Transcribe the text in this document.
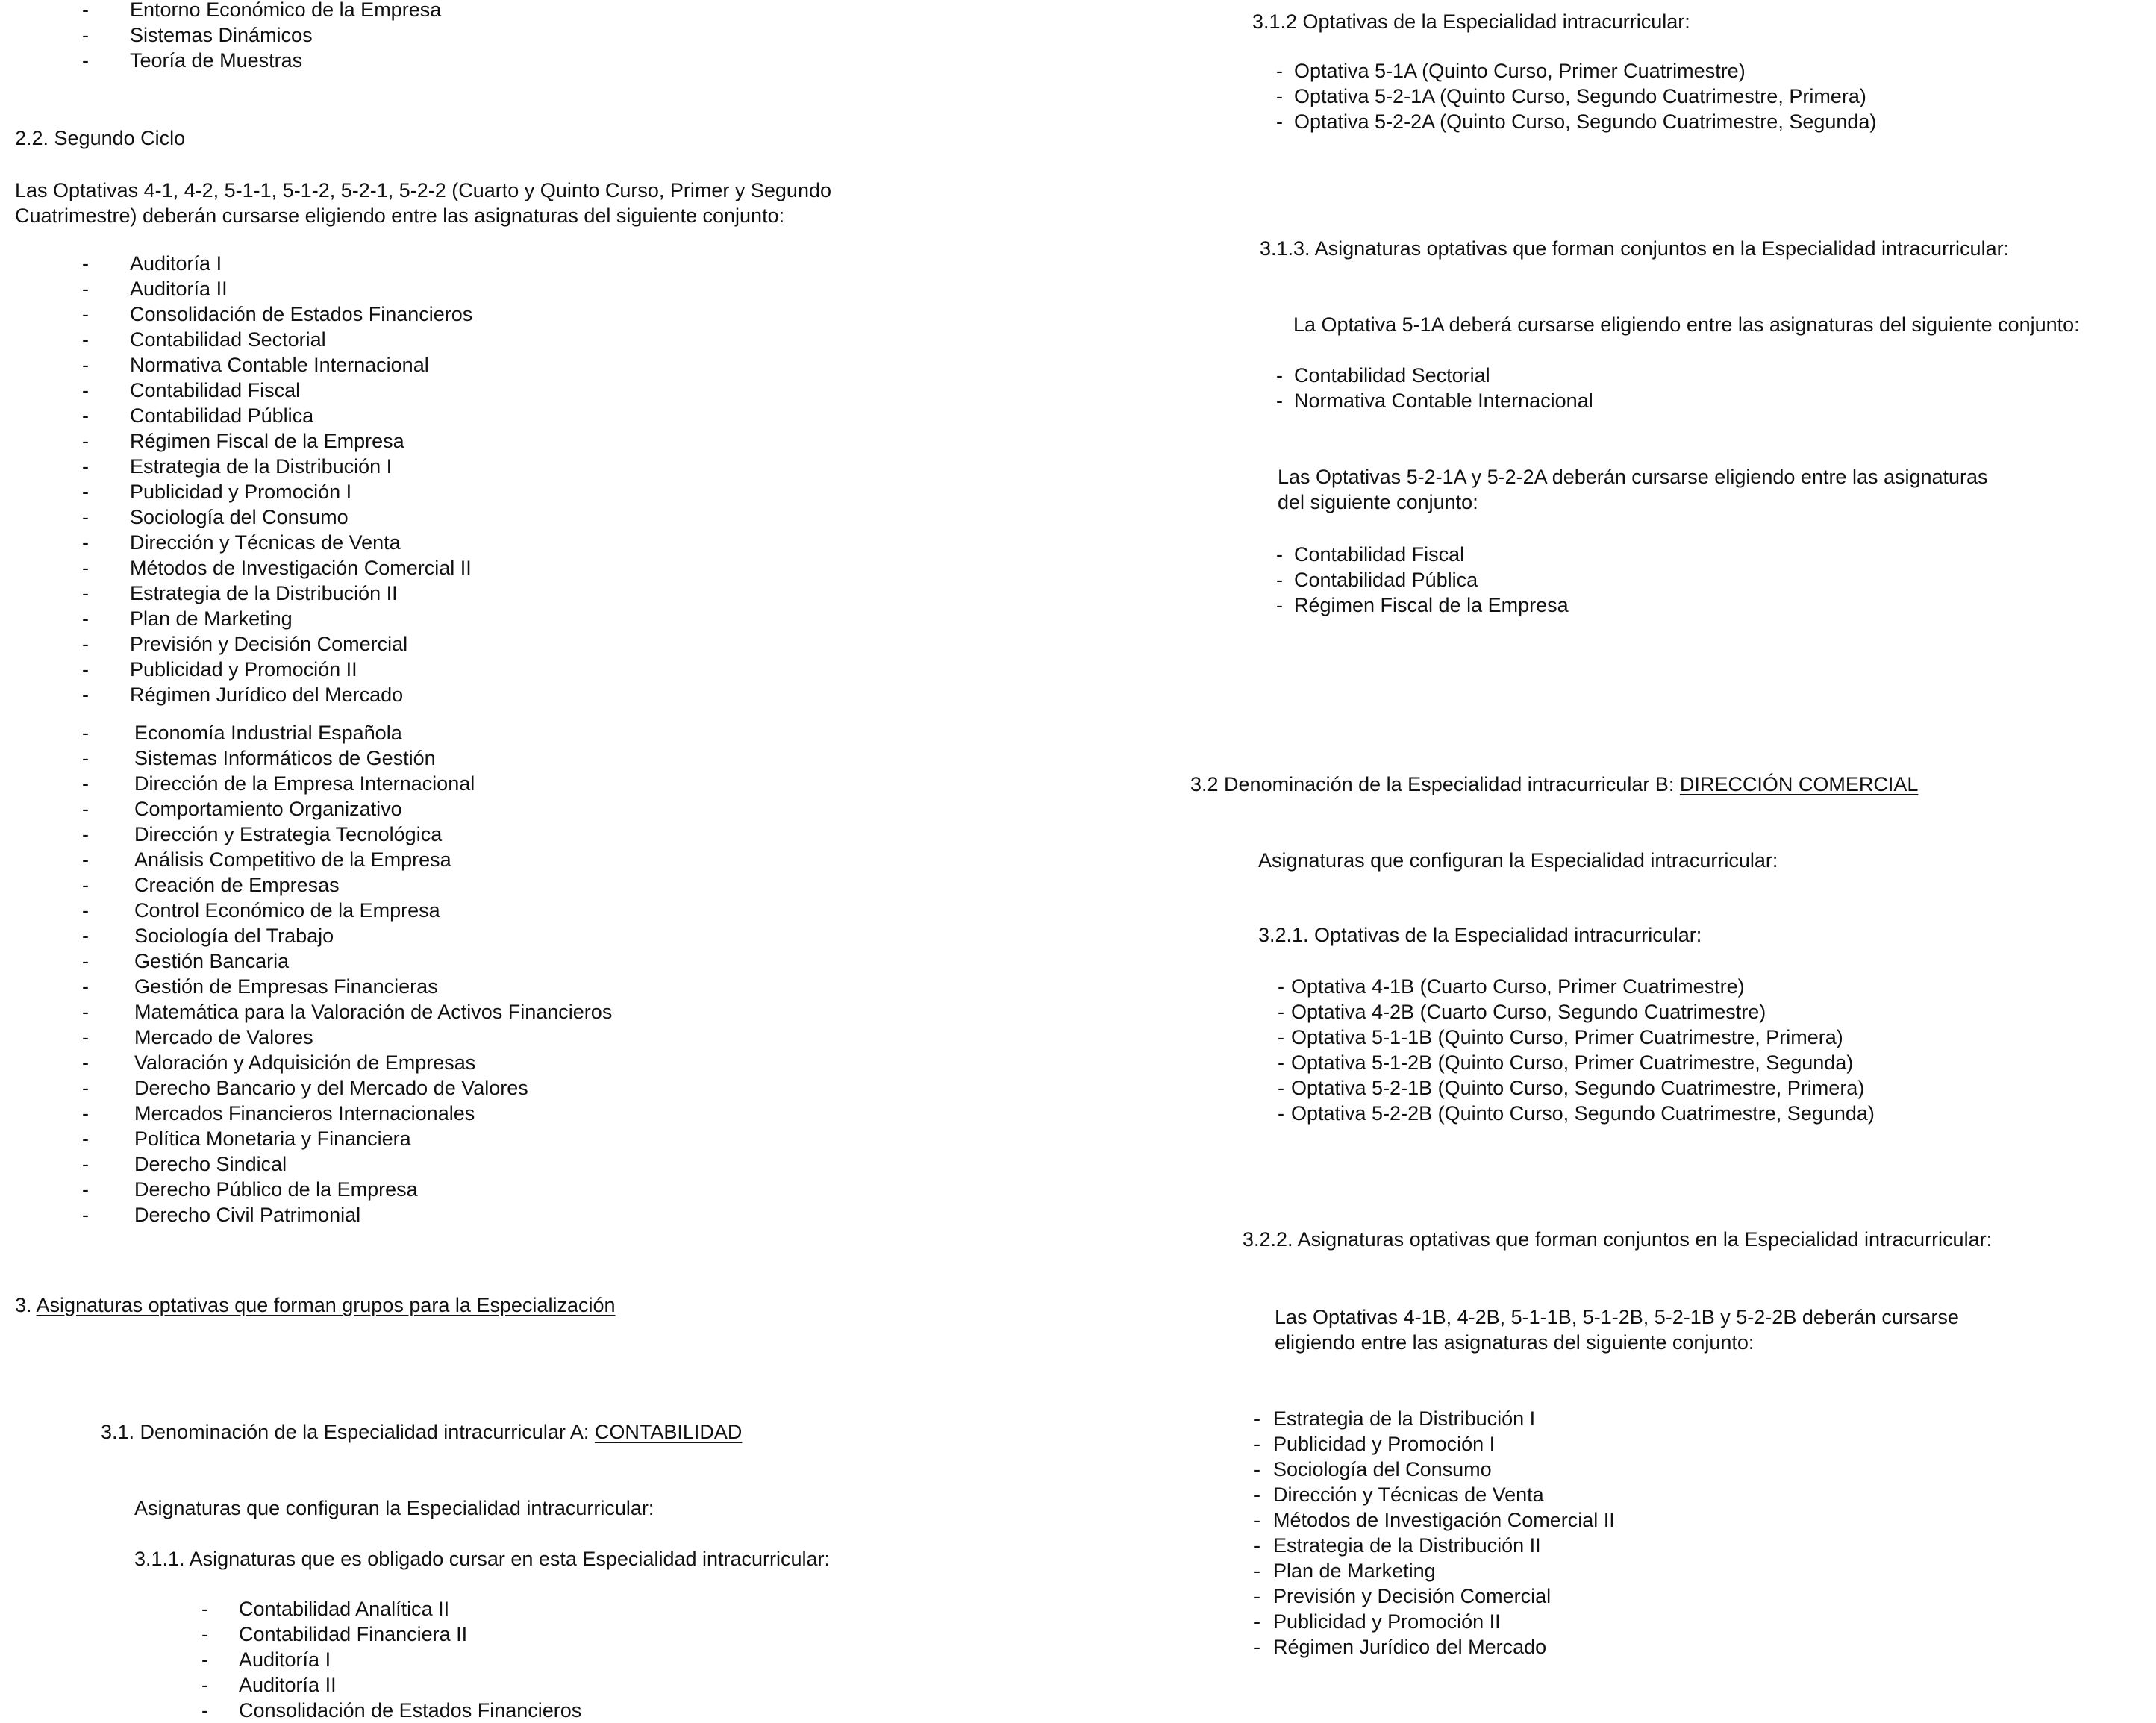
- Entorno Económico de la Empresa
- Sistemas Dinámicos
- Teoría de Muestras
2.2. Segundo Ciclo
Las Optativas 4-1, 4-2, 5-1-1, 5-1-2, 5-2-1, 5-2-2 (Cuarto y Quinto Curso, Primer y Segundo
Cuatrimestre) deberán cursarse eligiendo entre las asignaturas del siguiente conjunto:
- Auditoría I
- Auditoría II
- Consolidación de Estados Financieros
- Contabilidad Sectorial
- Normativa Contable Internacional
- Contabilidad Fiscal
- Contabilidad Pública
- Régimen Fiscal de la Empresa
- Estrategia de la Distribución I
- Publicidad y Promoción I
- Sociología del Consumo
- Dirección y Técnicas de Venta
- Métodos de Investigación Comercial II
- Estrategia de la Distribución II
- Plan de Marketing
- Previsión y Decisión Comercial
- Publicidad y Promoción II
- Régimen Jurídico del Mercado
- Economía Industrial Española
- Sistemas Informáticos de Gestión
- Dirección de la Empresa Internacional
- Comportamiento Organizativo
- Dirección y Estrategia Tecnológica
- Análisis Competitivo de la Empresa
- Creación de Empresas
- Control Económico de la Empresa
- Sociología del Trabajo
- Gestión Bancaria
- Gestión de Empresas Financieras
- Matemática para la Valoración de Activos Financieros
- Mercado de Valores
- Valoración y Adquisición de Empresas
- Derecho Bancario y del Mercado de Valores
- Mercados Financieros Internacionales
- Política Monetaria y Financiera
- Derecho Sindical
- Derecho Público de la Empresa
- Derecho Civil Patrimonial
3. Asignaturas optativas que forman grupos para la Especialización
3.1. Denominación de la Especialidad intracurricular A: CONTABILIDAD
Asignaturas que configuran la Especialidad intracurricular:
3.1.1. Asignaturas que es obligado cursar en esta Especialidad intracurricular:
- Contabilidad Analítica II
- Contabilidad Financiera II
- Auditoría I
- Auditoría II
- Consolidación de Estados Financieros
3.1.2 Optativas de la Especialidad intracurricular:
- Optativa 5-1A (Quinto Curso, Primer Cuatrimestre)
- Optativa 5-2-1A (Quinto Curso, Segundo Cuatrimestre, Primera)
- Optativa 5-2-2A (Quinto Curso, Segundo Cuatrimestre, Segunda)
3.1.3. Asignaturas optativas que forman conjuntos en la Especialidad intracurricular:
La Optativa 5-1A deberá cursarse eligiendo entre las asignaturas del siguiente conjunto:
- Contabilidad Sectorial
- Normativa Contable Internacional
Las Optativas 5-2-1A y 5-2-2A deberán cursarse eligiendo entre las asignaturas
del siguiente conjunto:
- Contabilidad Fiscal
- Contabilidad Pública
- Régimen Fiscal de la Empresa
3.2 Denominación de la Especialidad intracurricular B: DIRECCIÓN COMERCIAL
Asignaturas que configuran la Especialidad intracurricular:
3.2.1. Optativas de la Especialidad intracurricular:
- Optativa 4-1B (Cuarto Curso, Primer Cuatrimestre)
- Optativa 4-2B (Cuarto Curso, Segundo Cuatrimestre)
- Optativa 5-1-1B (Quinto Curso, Primer Cuatrimestre, Primera)
- Optativa 5-1-2B (Quinto Curso, Primer Cuatrimestre, Segunda)
- Optativa 5-2-1B (Quinto Curso, Segundo Cuatrimestre, Primera)
- Optativa 5-2-2B (Quinto Curso, Segundo Cuatrimestre, Segunda)
3.2.2. Asignaturas optativas que forman conjuntos en la Especialidad intracurricular:
Las Optativas 4-1B, 4-2B, 5-1-1B, 5-1-2B, 5-2-1B y 5-2-2B deberán cursarse
eligiendo entre las asignaturas del siguiente conjunto:
- Estrategia de la Distribución I
- Publicidad y Promoción I
- Sociología del Consumo
- Dirección y Técnicas de Venta
- Métodos de Investigación Comercial II
- Estrategia de la Distribución II
- Plan de Marketing
- Previsión y Decisión Comercial
- Publicidad y Promoción II
- Régimen Jurídico del Mercado
